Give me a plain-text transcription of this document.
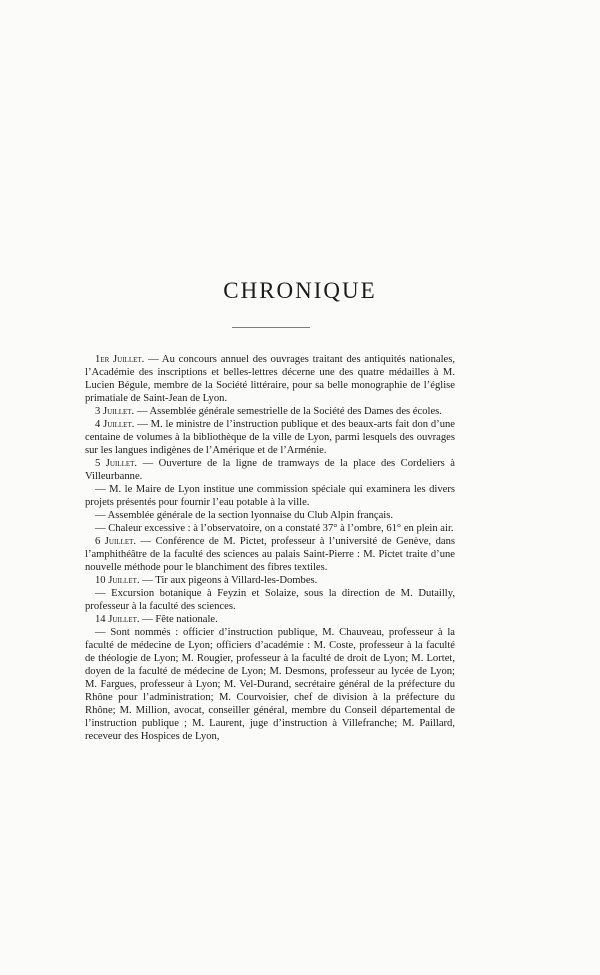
CHRONIQUE

1er Juillet. — Au concours annuel des ouvrages traitant des antiquités nationales, l’Académie des inscriptions et belles-lettres décerne une des quatre médailles à M. Lucien Bégule, membre de la Société littéraire, pour sa belle monographie de l’église primatiale de Saint-Jean de Lyon.

3 Juillet. — Assemblée générale semestrielle de la Société des Dames des écoles.

4 Juillet. — M. le ministre de l’instruction publique et des beaux-arts fait don d’une centaine de volumes à la bibliothèque de la ville de Lyon, parmi lesquels des ouvrages sur les langues indigènes de l’Amérique et de l’Arménie.

5 Juillet. — Ouverture de la ligne de tramways de la place des Cordeliers à Villeurbanne.

— M. le Maire de Lyon institue une commission spéciale qui examinera les divers projets présentés pour fournir l’eau potable à la ville.

— Assemblée générale de la section lyonnaise du Club Alpin français.

— Chaleur excessive : à l’observatoire, on a constaté 37° à l’ombre, 61° en plein air.

6 Juillet. — Conférence de M. Pictet, professeur à l’université de Genève, dans l’amphithéâtre de la faculté des sciences au palais Saint-Pierre : M. Pictet traite d’une nouvelle méthode pour le blanchiment des fibres textiles.

10 Juillet. — Tir aux pigeons à Villard-les-Dombes.

— Excursion botanique à Feyzin et Solaize, sous la direction de M. Dutailly, professeur à la faculté des sciences.

14 Juillet. — Fête nationale.

— Sont nommés : officier d’instruction publique, M. Chauveau, professeur à la faculté de médecine de Lyon; officiers d’académie : M. Coste, professeur à la faculté de théologie de Lyon; M. Rougier, professeur à la faculté de droit de Lyon; M. Lortet, doyen de la faculté de médecine de Lyon; M. Desmons, professeur au lycée de Lyon; M. Fargues, professeur à Lyon; M. Vel-Durand, secrétaire général de la préfecture du Rhône pour l’administration; M. Courvoisier, chef de division à la préfecture du Rhône; M. Million, avocat, conseiller général, membre du Conseil départemental de l’instruction publique ; M. Laurent, juge d’instruction à Villefranche; M. Paillard, receveur des Hospices de Lyon,
